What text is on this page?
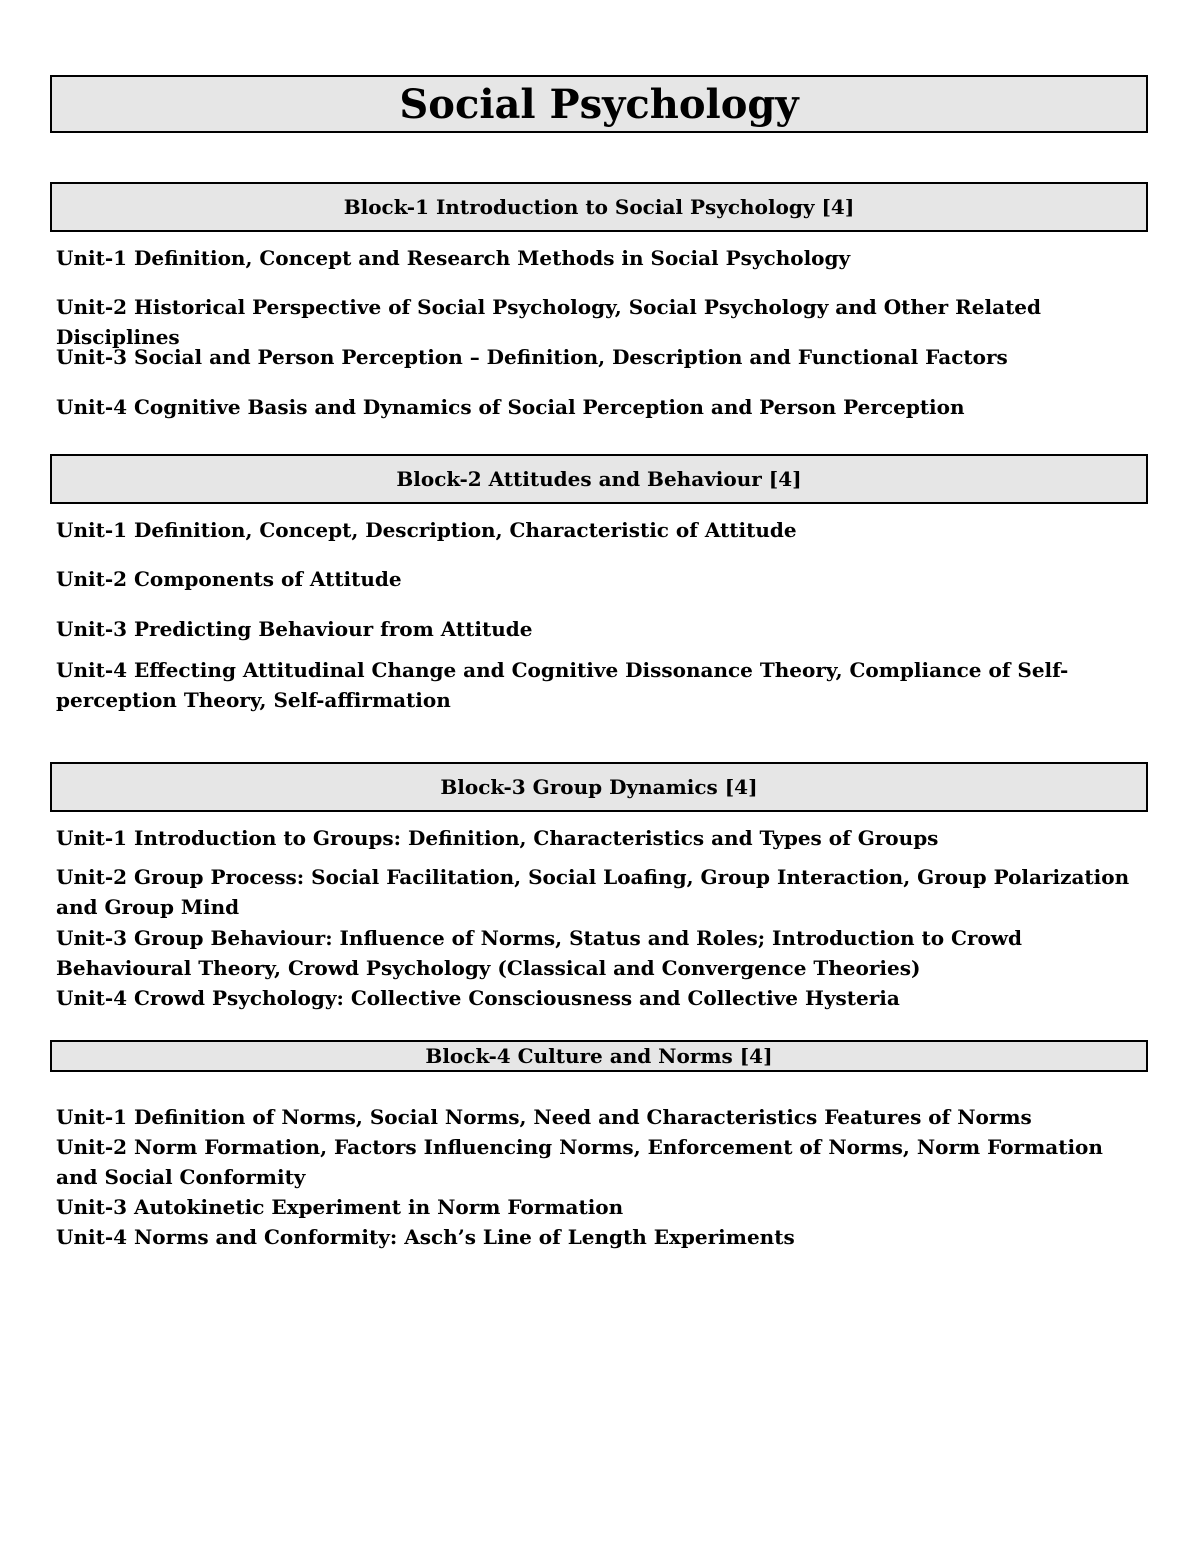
Social Psychology
Block-1 Introduction to Social Psychology [4]
Unit-1 Definition, Concept and Research Methods in Social Psychology
Unit-2 Historical Perspective of Social Psychology, Social Psychology and Other Related Disciplines
Unit-3 Social and Person Perception – Definition, Description and Functional Factors
Unit-4 Cognitive Basis and Dynamics of Social Perception and Person Perception
Block-2 Attitudes and Behaviour [4]
Unit-1 Definition, Concept, Description, Characteristic of Attitude
Unit-2 Components of Attitude
Unit-3 Predicting Behaviour from Attitude
Unit-4 Effecting Attitudinal Change and Cognitive Dissonance Theory, Compliance of Self-perception Theory, Self-affirmation
Block-3 Group Dynamics [4]
Unit-1 Introduction to Groups: Definition, Characteristics and Types of Groups
Unit-2 Group Process: Social Facilitation, Social Loafing, Group Interaction, Group Polarization and Group Mind
Unit-3 Group Behaviour: Influence of Norms, Status and Roles; Introduction to Crowd Behavioural Theory, Crowd Psychology (Classical and Convergence Theories)
Unit-4 Crowd Psychology: Collective Consciousness and Collective Hysteria
Block-4 Culture and Norms [4]
Unit-1 Definition of Norms, Social Norms, Need and Characteristics Features of Norms
Unit-2 Norm Formation, Factors Influencing Norms, Enforcement of Norms, Norm Formation and Social Conformity
Unit-3 Autokinetic Experiment in Norm Formation
Unit-4 Norms and Conformity: Asch’s Line of Length Experiments
